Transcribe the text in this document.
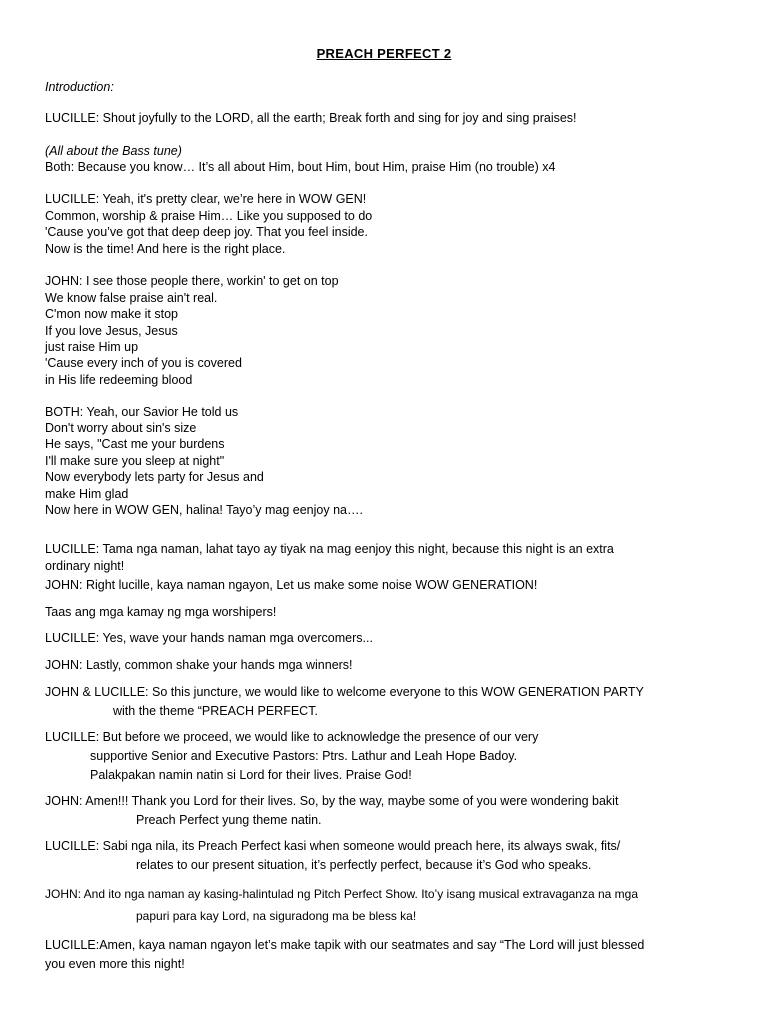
PREACH PERFECT 2
Introduction:
LUCILLE: Shout joyfully to the LORD, all the earth; Break forth and sing for joy and sing praises!
(All about the Bass tune)
Both: Because you know… It’s all about Him, bout Him, bout Him, praise Him (no trouble) x4
LUCILLE: Yeah, it's pretty clear, we’re here in WOW GEN!
Common, worship & praise Him… Like you supposed to do
'Cause you’ve got that deep deep joy. That you feel inside.
Now is the time! And here is the right place.
JOHN: I see those people there, workin' to get on top
We know false praise ain't real.
C'mon now make it stop
If you love Jesus, Jesus
just raise Him up
'Cause every inch of you is covered
in His life redeeming blood
BOTH: Yeah, our Savior He told us
Don't worry about sin's size
He says, "Cast me your burdens
I'll make sure you sleep at night"
Now everybody lets party for Jesus and
make Him glad
Now here in WOW GEN, halina! Tayo’y mag eenjoy na….
LUCILLE: Tama nga naman, lahat tayo ay tiyak na mag eenjoy this night, because this night is an extra
ordinary night!
JOHN: Right lucille, kaya naman ngayon, Let us make some noise WOW GENERATION!
Taas ang mga kamay ng mga worshipers!
LUCILLE: Yes, wave your hands naman mga overcomers...
JOHN: Lastly, common shake your hands mga winners!
JOHN & LUCILLE: So this juncture, we would like to welcome everyone to this WOW GENERATION PARTY
with the theme “PREACH PERFECT.
LUCILLE: But before we proceed, we would like to acknowledge the presence of our very
supportive Senior and Executive Pastors: Ptrs. Lathur and Leah Hope Badoy.
Palakpakan namin natin si Lord for their lives. Praise God!
JOHN: Amen!!! Thank you Lord for their lives. So, by the way, maybe some of you were wondering bakit
Preach Perfect yung theme natin.
LUCILLE: Sabi nga nila, its Preach Perfect kasi when someone would preach here, its always swak, fits/
relates to our present situation, it’s perfectly perfect, because it’s God who speaks.
JOHN: And ito nga naman ay kasing-halintulad ng Pitch Perfect Show. Ito’y isang musical extravaganza na mga
papuri para kay Lord, na siguradong ma be bless ka!
LUCILLE:Amen, kaya naman ngayon let’s make tapik with our seatmates and say “The Lord will just blessed
you even more this night!
